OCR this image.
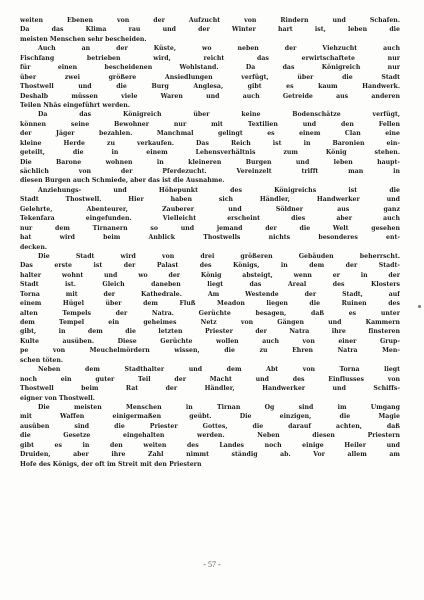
weiten Ebenen von der Aufzucht von Rindern und Schafen.
Da das Klima rau und der Winter hart ist, leben die
meisten Menschen sehr bescheiden.
Auch an der Küste, wo neben der Viehzucht auch
Fischfang betrieben wird, reicht das erwirtschaftete nur
für einen bescheidenen Wohlstand. Da das Königreich nur
über zwei größere Ansiedlungen verfügt, über die Stadt
Thostwell und die Burg Anglesa, gibt es kaum Handwerk.
Deshalb müssen viele Waren und auch Getreide aus anderen
Teilen Nhâs eingeführt werden.
Da das Königreich über keine Bodenschätze verfügt,
können seine Bewohner nur mit Textilien und den Fellen
der Jäger bezahlen. Manchmal gelingt es einem Clan eine
kleine Herde zu verkaufen. Das Reich ist in Baronien ein-
geteilt, die in einem Lehensverhältnis zum König stehen.
Die Barone wohnen in kleineren Burgen und leben haupt-
sächlich von der Pferdezucht. Vereinzelt trifft man in
diesen Burgen auch Schmiede, aber das ist die Ausnahme.
Anziehungs- und Höhepunkt des Königreichs ist die
Stadt Thostwell. Hier haben sich Händler, Handwerker und
Gelehrte, Abenteurer, Zauberer und Söldner aus ganz
Tekenfara eingefunden. Vielleicht erscheint dies aber auch
nur dem Tirnanern so und jemand der die Welt gesehen
hat wird beim Anblick Thostwells nichts besonderes ent-
decken.
Die Stadt wird von drei größeren Gebäuden beherrscht.
Das erste ist der Palast des Königs, in dem der Stadt-
halter wohnt und wo der König absteigt, wenn er in der
Stadt ist. Gleich daneben liegt das Areal des Klosters
Torna mit der Kathedrale. Am Westende der Stadt, auf
einem Hügel über dem Fluß Meadon liegen die Ruinen des
alten Tempels der Natra. Gerüchte besagen, daß es unter
dem Tempel ein geheimes Netz von Gängen und Kammern
gibt, in dem die letzten Priester der Natra ihre finsteren
Kulte ausüben. Diese Gerüchte wollen auch von einer Grup-
pe von Meuchelmördern wissen, die zu Ehren Natra Men-
schen töten.
Neben dem Stadthalter und dem Abt von Torna liegt
noch ein guter Teil der Macht und des Einflusses von
Thostwell beim Rat der Händler, Handwerker und Schiffs-
eigner von Thostwell.
Die meisten Menschen in Tirnan Og sind im Umgang
mit Waffen einigermaßen geübt. Die einzigen, die Magie
ausüben sind die Priester Gottes, die darauf achten, daß
die Gesetze eingehalten werden. Neben diesen Priestern
gibt es in den weiten des Landes noch einige Heiler und
Druiden, aber ihre Zahl nimmt ständig ab. Vor allem am
Hofe des Königs, der oft im Streit mit den Priestern
- 57 -
